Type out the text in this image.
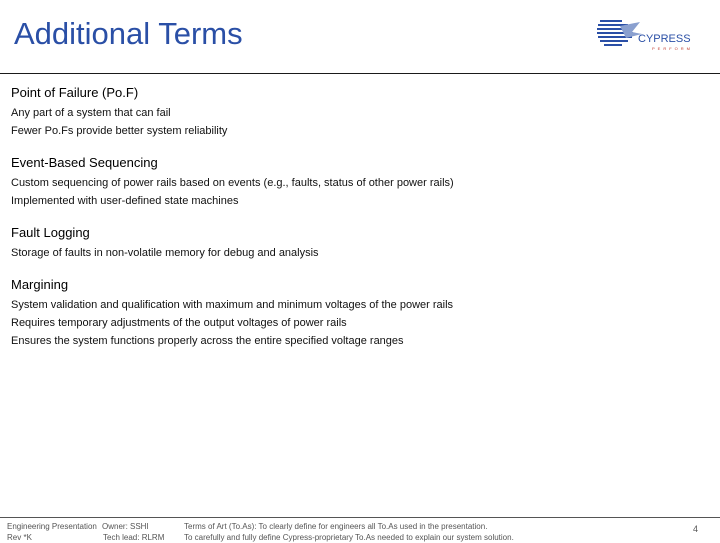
Additional Terms	CYPRESS
PERFORM
Point of Failure (Po.F)
Any part of a system that can fail
Fewer Po.Fs provide better system reliability
Event-Based Sequencing
Custom sequencing of power rails based on events (e.g., faults, status of other power rails)
Implemented with user-defined state machines
Fault Logging
Storage of faults in non-volatile memory for debug and analysis
Margining
System validation and qualification with maximum and minimum voltages of the power rails
Requires temporary adjustments of the output voltages of power rails
Ensures the system functions properly across the entire specified voltage ranges
Engineering Presentation
Rev *K
Owner: SSHI
Tech lead: RLRM
Terms of Art (To.As): To clearly define for engineers all To.As used in the presentation.
To carefully and fully define Cypress-proprietary To.As needed to explain our system solution.
4
